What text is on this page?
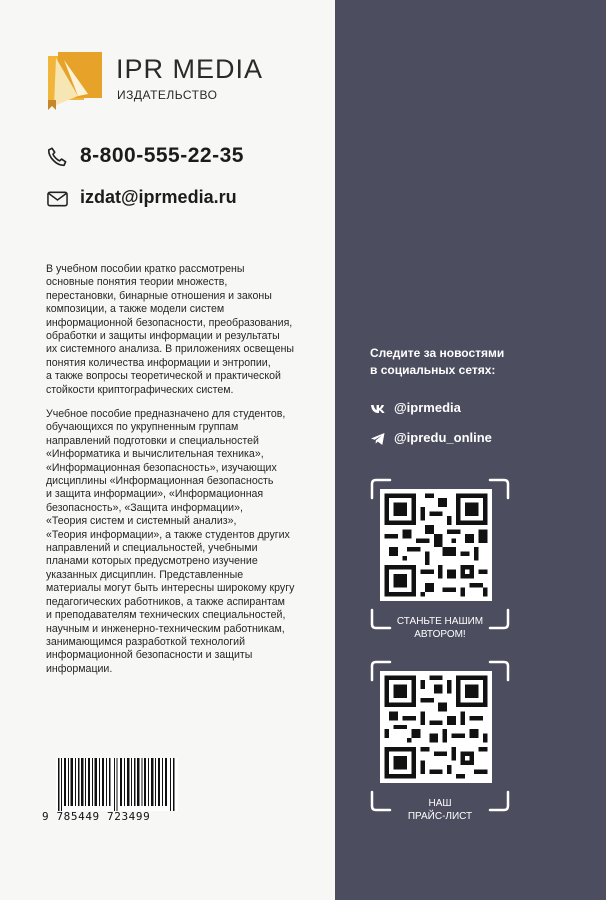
IPR MEDIA
ИЗДАТЕЛЬСТВО
8-800-555-22-35
izdat@iprmedia.ru

В учебном пособии кратко рассмотрены
основные понятия теории множеств,
перестановки, бинарные отношения и законы
композиции, а также модели систем
информационной безопасности, преобразования,
обработки и защиты информации и результаты
их системного анализа. В приложениях освещены
понятия количества информации и энтропии,
а также вопросы теоретической и практической
стойкости криптографических систем.

Учебное пособие предназначено для студентов,
обучающихся по укрупненным группам
направлений подготовки и специальностей
«Информатика и вычислительная техника»,
«Информационная безопасность», изучающих
дисциплины «Информационная безопасность
и защита информации», «Информационная
безопасность», «Защита информации»,
«Теория систем и системный анализ»,
«Теория информации», а также студентов других
направлений и специальностей, учебными
планами которых предусмотрено изучение
указанных дисциплин. Представленные
материалы могут быть интересны широкому кругу
педагогических работников, а также аспирантам
и преподавателям технических специальностей,
научным и инженерно-техническим работникам,
занимающимся разработкой технологий
информационной безопасности и защиты
информации.

9 785449 723499
Следите за новостями
в социальных сетях:
@iprmedia
@ipredu_online
СТАНЬТЕ НАШИМ
АВТОРОМ!
НАШ
ПРАЙС-ЛИСТ
